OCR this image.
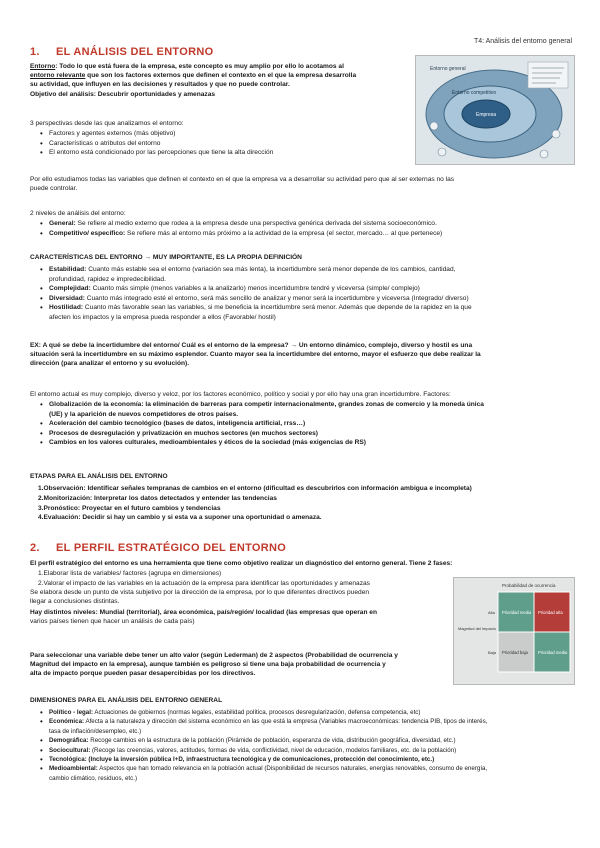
T4: Análisis del entorno general
1. EL ANÁLISIS DEL ENTORNO
Entorno: Todo lo que está fuera de la empresa, este concepto es muy amplio por ello lo acotamos al
entorno relevante que son los factores externos que definen el contexto en el que la empresa desarrolla
su actividad, que influyen en las decisiones y resultados y que no puede controlar.
Objetivo del análisis: Descubrir oportunidades y amenazas
3 perspectivas desde las que analizamos el entorno:
• Factores y agentes externos (más objetivo)
• Características o atributos del entorno
• El entorno está condicionado por las percepciones que tiene la alta dirección
Entorno general
Entorno competitivo
Empresa
Por ello estudiamos todas las variables que definen el contexto en el que la empresa va a desarrollar su actividad pero que al ser externas no las
puede controlar.
2 niveles de análisis del entorno:
• General: Se refiere al medio externo que rodea a la empresa desde una perspectiva genérica derivada del sistema socioeconómico.
• Competitivo/ específico: Se refiere más al entorno más próximo a la actividad de la empresa (el sector, mercado… al que pertenece)
CARACTERÍSTICAS DEL ENTORNO → MUY IMPORTANTE, ES LA PROPIA DEFINICIÓN
• Estabilidad: Cuanto más estable sea el entorno (variación sea más lenta), la incertidumbre será menor depende de los cambios, cantidad,
profundidad, rapidez e impredecibilidad.
• Complejidad: Cuanto más simple (menos variables a la analizarlo) menos incertidumbre tendré y viceversa (simple/ complejo)
• Diversidad: Cuanto más integrado esté el entorno, será más sencillo de analizar y menor será la incertidumbre y viceversa (Integrado/ diverso)
• Hostilidad: Cuanto más favorable sean las variables, si me beneficia la incertidumbre será menor. Además que depende de la rapidez en la que
afecten los impactos y la empresa pueda responder a ellos (Favorable/ hostil)
EX: A qué se debe la incertidumbre del entorno/ Cuál es el entorno de la empresa? → Un entorno dinámico, complejo, diverso y hostil es una
situación será la incertidumbre en su máximo esplendor. Cuanto mayor sea la incertidumbre del entorno, mayor el esfuerzo que debe realizar la
dirección (para analizar el entorno y su evolución).
El entorno actual es muy complejo, diverso y veloz, por los factores económico, político y social y por ello hay una gran incertidumbre. Factores:
• Globalización de la economía: la eliminación de barreras para competir internacionalmente, grandes zonas de comercio y la moneda única
(UE) y la aparición de nuevos competidores de otros países.
• Aceleración del cambio tecnológico (bases de datos, inteligencia artificial, rrss…)
• Procesos de desregulación y privatización en muchos sectores (en muchos sectores)
• Cambios en los valores culturales, medioambientales y éticos de la sociedad (más exigencias de RS)
ETAPAS PARA EL ANÁLISIS DEL ENTORNO
1.Observación: Identificar señales tempranas de cambios en el entorno (dificultad es descubrirlos con información ambigua e incompleta)
2.Monitorización: Interpretar los datos detectados y entender las tendencias
3.Pronóstico: Proyectar en el futuro cambios y tendencias
4.Evaluación: Decidir si hay un cambio y si esta va a suponer una oportunidad o amenaza.
2. EL PERFIL ESTRATÉGICO DEL ENTORNO
El perfil estratégico del entorno es una herramienta que tiene como objetivo realizar un diagnóstico del entorno general. Tiene 2 fases:
1.Elaborar lista de variables/ factores (agrupa en dimensiones)
2.Valorar el impacto de las variables en la actuación de la empresa para identificar las oportunidades y amenazas
Se elabora desde un punto de vista subjetivo por la dirección de la empresa, por lo que diferentes directivos pueden
llegar a conclusiones distintas.
Hay distintos niveles: Mundial (territorial), área económica, país/región/ localidad (las empresas que operan en
varios países tienen que hacer un análisis de cada país)
Probabilidad de ocurrencia
Magnitud del impacto
Alta
Baja
Prioridad media Prioridad alta
Prioridad baja Prioridad media
Para seleccionar una variable debe tener un alto valor (según Lederman) de 2 aspectos (Probabilidad de ocurrencia y
Magnitud del impacto en la empresa), aunque también es peligroso si tiene una baja probabilidad de ocurrencia y
alta de impacto porque pueden pasar desapercibidas por los directivos.
DIMENSIONES PARA EL ANÁLISIS DEL ENTORNO GENERAL
• Político - legal: Actuaciones de gobiernos (normas legales, estabilidad política, procesos desregularización, defensa competencia, etc)
• Económica: Afecta a la naturaleza y dirección del sistema económico en las que está la empresa (Variables macroeconómicas: tendencia PIB, tipos de interés,
tasa de inflación/desempleo, etc.)
• Demográfica: Recoge cambios en la estructura de la población (Pirámide de población, esperanza de vida, distribución geográfica, diversidad, etc.)
• Sociocultural: (Recoge las creencias, valores, actitudes, formas de vida, conflictividad, nivel de educación, modelos familiares, etc. de la población)
• Tecnológica: (Incluye la inversión pública I+D, infraestructura tecnológica y de comunicaciones, protección del conocimiento, etc.)
• Medioambiental: Aspectos que han tomado relevancia en la población actual (Disponibilidad de recursos naturales, energías renovables, consumo de energía,
cambio climático, residuos, etc.)
